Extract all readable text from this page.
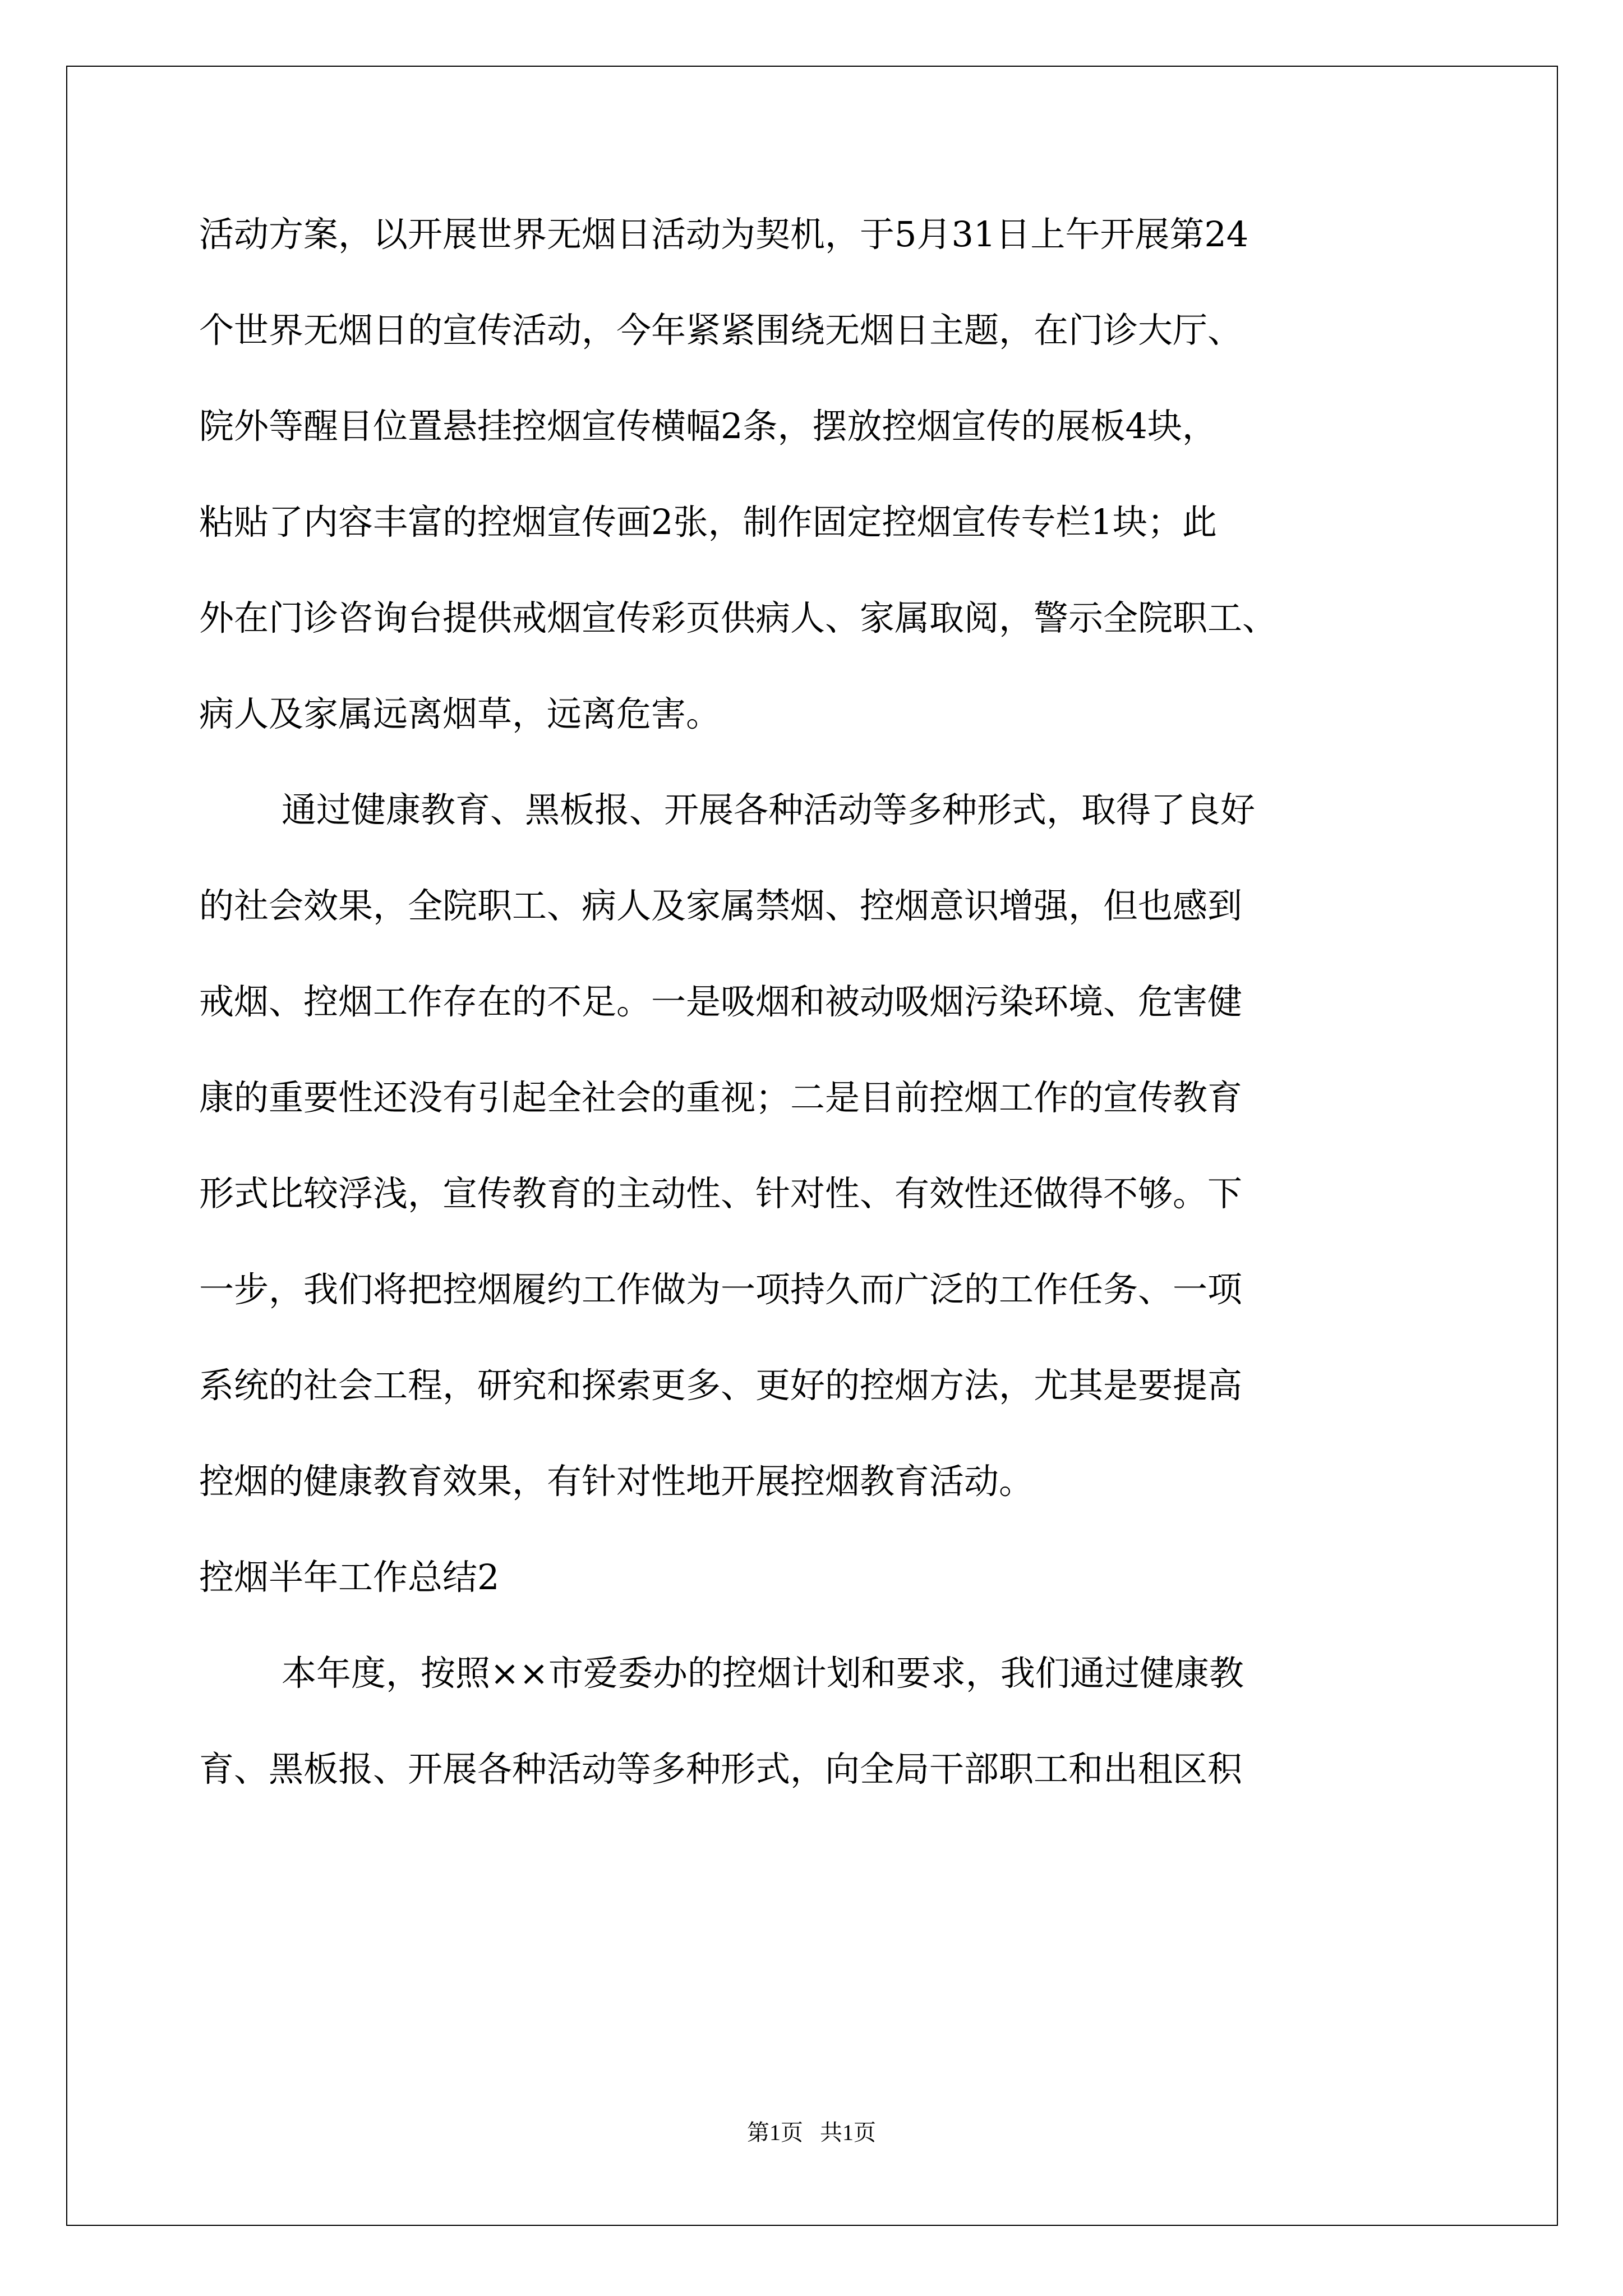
活动方案，以开展世界无烟日活动为契机，于5月31日上午开展第24
个世界无烟日的宣传活动，今年紧紧围绕无烟日主题，在门诊大厅、
院外等醒目位置悬挂控烟宣传横幅2条，摆放控烟宣传的展板4块，
粘贴了内容丰富的控烟宣传画2张，制作固定控烟宣传专栏1块；此
外在门诊咨询台提供戒烟宣传彩页供病人、家属取阅，警示全院职工、
病人及家属远离烟草，远离危害。
通过健康教育、黑板报、开展各种活动等多种形式，取得了良好
的社会效果，全院职工、病人及家属禁烟、控烟意识增强，但也感到
戒烟、控烟工作存在的不足。一是吸烟和被动吸烟污染环境、危害健
康的重要性还没有引起全社会的重视；二是目前控烟工作的宣传教育
形式比较浮浅，宣传教育的主动性、针对性、有效性还做得不够。下
一步，我们将把控烟履约工作做为一项持久而广泛的工作任务、一项
系统的社会工程，研究和探索更多、更好的控烟方法，尤其是要提高
控烟的健康教育效果，有针对性地开展控烟教育活动。
控烟半年工作总结2
本年度，按照××市爱委办的控烟计划和要求，我们通过健康教
育、黑板报、开展各种活动等多种形式，向全局干部职工和出租区积
第1页   共1页
